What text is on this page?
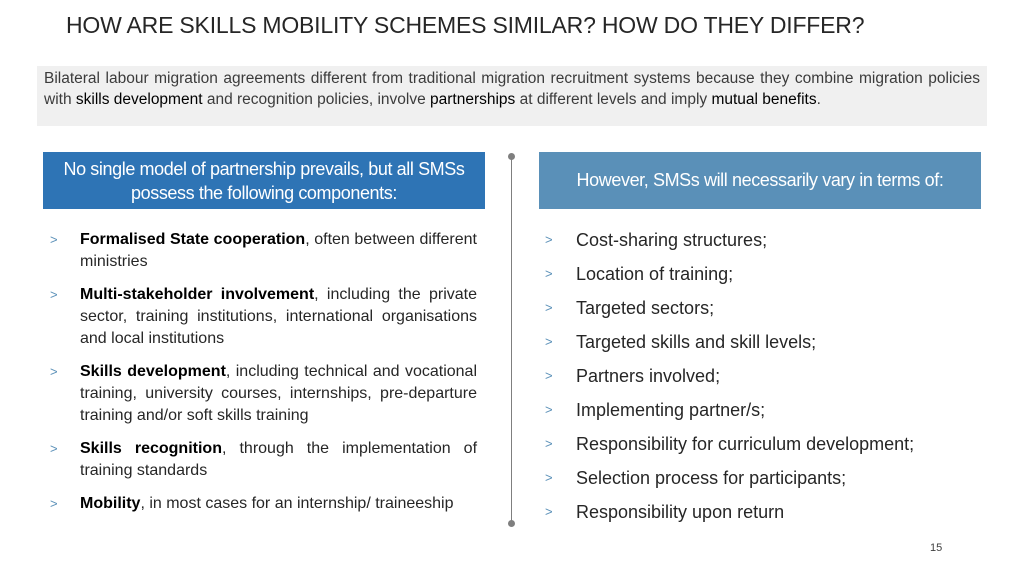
HOW ARE SKILLS MOBILITY SCHEMES SIMILAR? HOW DO THEY DIFFER?
Bilateral labour migration agreements different from traditional migration recruitment systems because they combine migration policies with skills development and recognition policies, involve partnerships at different levels and imply mutual benefits.
No single model of partnership prevails, but all SMSs possess the following components:
However, SMSs will necessarily vary in terms of:
> Formalised State cooperation, often between different ministries
> Multi-stakeholder involvement, including the private sector, training institutions, international organisations and local institutions
> Skills development, including technical and vocational training, university courses, internships, pre-departure training and/or soft skills training
> Skills recognition, through the implementation of training standards
> Mobility, in most cases for an internship/ traineeship
> Cost-sharing structures;
> Location of training;
> Targeted sectors;
> Targeted skills and skill levels;
> Partners involved;
> Implementing partner/s;
> Responsibility for curriculum development;
> Selection process for participants;
> Responsibility upon return
15
